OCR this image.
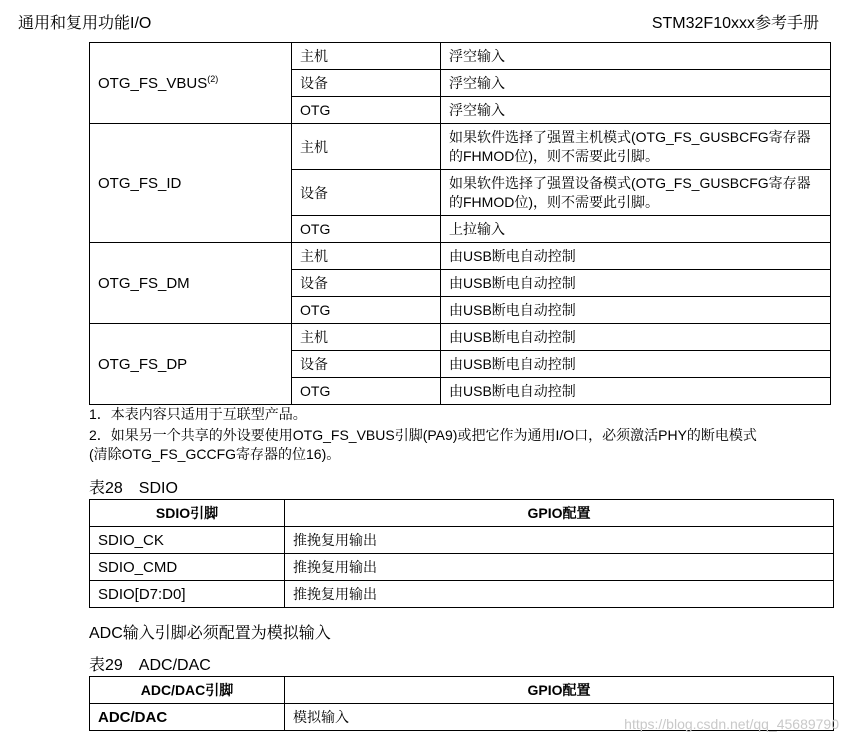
通用和复用功能I/O	STM32F10xxx参考手册
OTG_FS_VBUS$^{(2)}$	主机	浮空输入
	设备	浮空输入
	OTG	浮空输入
OTG_FS_ID	主机	如果软件选择了强置主机模式(OTG_FS_GUSBCFG寄存器的FHMOD位)，则不需要此引脚。
	设备	如果软件选择了强置设备模式(OTG_FS_GUSBCFG寄存器的FHMOD位)，则不需要此引脚。
	OTG	上拉输入
OTG_FS_DM	主机	由USB断电自动控制
	设备	由USB断电自动控制
	OTG	由USB断电自动控制
OTG_FS_DP	主机	由USB断电自动控制
	设备	由USB断电自动控制
	OTG	由USB断电自动控制
1．本表内容只适用于互联型产品。
2．如果另一个共享的外设要使用OTG_FS_VBUS引脚(PA9)或把它作为通用I/O口，必须激活PHY的断电模式
(清除OTG_FS_GCCFG寄存器的位16)。
表28　SDIO
SDIO引脚	GPIO配置
SDIO_CK	推挽复用输出
SDIO_CMD	推挽复用输出
SDIO[D7:D0]	推挽复用输出
ADC输入引脚必须配置为模拟输入
表29　ADC/DAC
ADC/DAC引脚	GPIO配置
ADC/DAC	模拟输入	https://blog.csdn.net/qq_45689790
